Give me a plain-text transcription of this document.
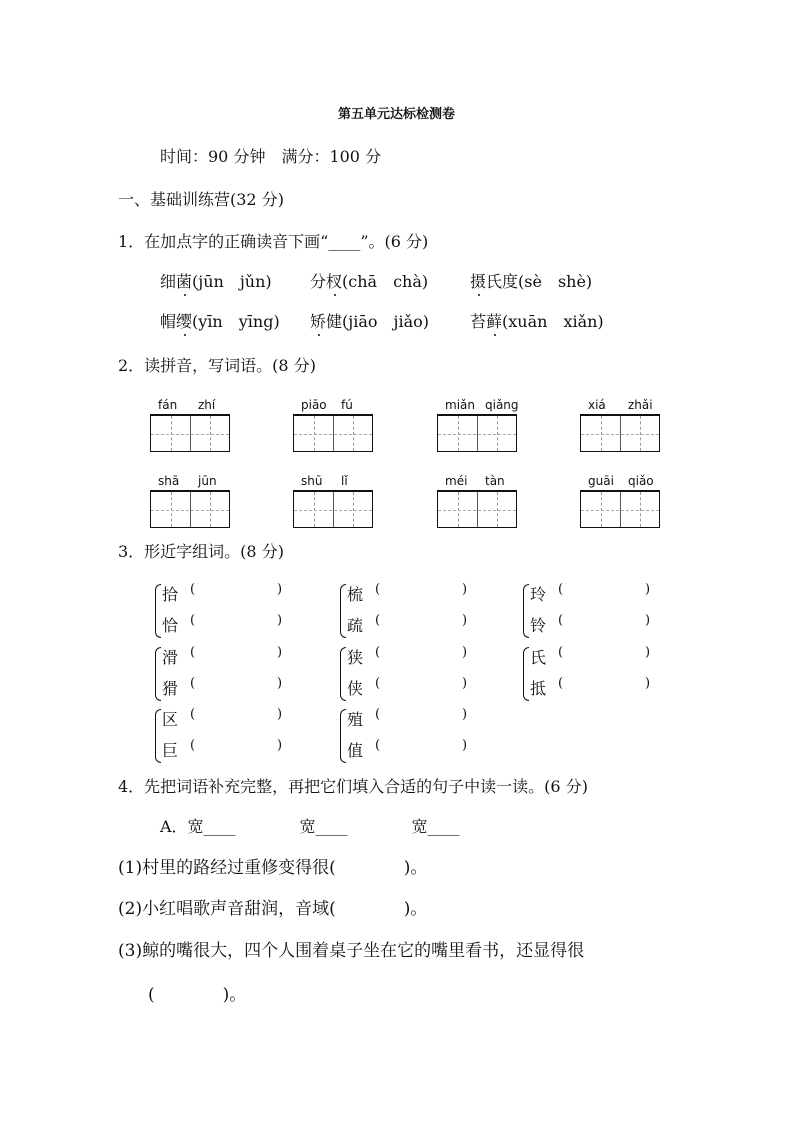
第五单元达标检测卷
时间：90 分钟　满分：100 分
一、基础训练营(32 分)
1．在加点字的正确读音下画“____”。(6 分)
细菌(jūn　jǔn) 分杈(chā　chà)	摄氏度(sè　shè)
帽缨(yīn　yīng) 矫健(jiāo　jiǎo)	苔藓(xuān　xiǎn)
2．读拼音，写词语。(8 分)
fán zhí	piāo fú	miǎn qiǎng	xiá zhǎi
shā jūn	shū lǐ	méi tàn	guāi qiǎo
3．形近字组词。(8 分)
拾 (	)
恰 (	)
梳 (	)
疏 (	)
玲 (	)
铃 (	)
滑 (	)
猾 (	)
狭 (	)
侠 (	)
氏 (	)
抵 (	)
区 (	)
巨 (	)
殖 (	)
值 (	)
4．先把词语补充完整，再把它们填入合适的句子中读一读。(6 分)
A．宽____　　　　宽____　　　　宽____
(1)村里的路经过重修变得很(　　　　)。
(2)小红唱歌声音甜润，音域(　　　　)。
(3)鲸的嘴很大，四个人围着桌子坐在它的嘴里看书，还显得很
(　　　　)。
